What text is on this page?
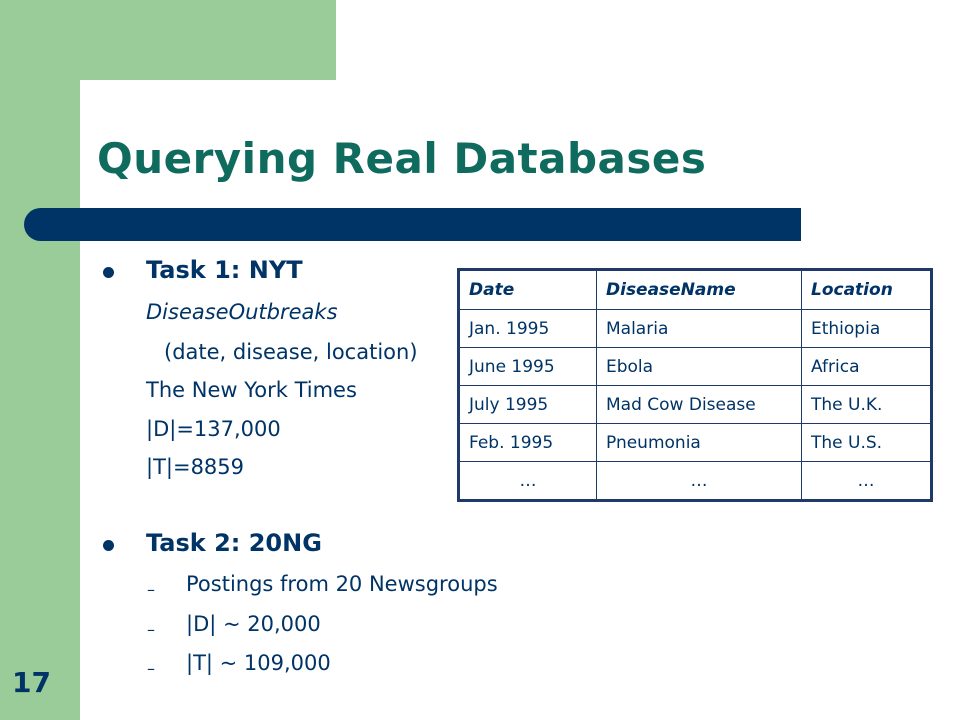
Querying Real Databases
Task 1: NYT
DiseaseOutbreaks
(date, disease, location)
The New York Times
|D|=137,000
|T|=8859
Task 2: 20NG
– Postings from 20 Newsgroups
– |D| ~ 20,000
– |T| ~ 109,000
Date	DiseaseName	Location
Jan. 1995	Malaria	Ethiopia
June 1995	Ebola	Africa
July 1995	Mad Cow Disease	The U.K.
Feb. 1995	Pneumonia	The U.S.
…	…	…
17
